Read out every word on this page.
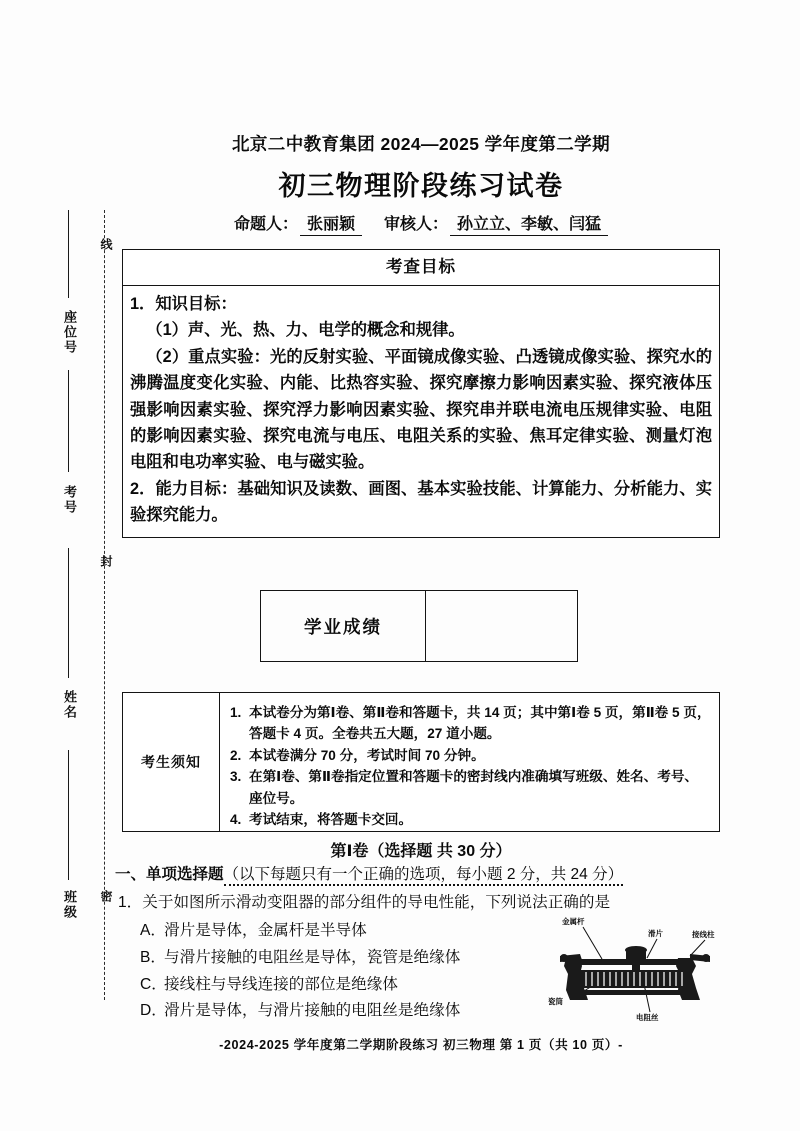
线
封
密
座位号
考号
姓名
班级
北京二中教育集团 2024—2025 学年度第二学期
初三物理阶段练习试卷
命题人： 张丽颖	审核人： 孙立立、李敏、闫猛
考查目标

1．知识目标：

（1）声、光、热、力、电学的概念和规律。

（2）重点实验：光的反射实验、平面镜成像实验、凸透镜成像实验、探究水的沸腾温度变化实验、内能、比热容实验、探究摩擦力影响因素实验、探究液体压强影响因素实验、探究浮力影响因素实验、探究串并联电流电压规律实验、电阻的影响因素实验、探究电流与电压、电阻关系的实验、焦耳定律实验、测量灯泡电阻和电功率实验、电与磁实验。

2．能力目标：基础知识及读数、画图、基本实验技能、计算能力、分析能力、实验探究能力。

学业成绩
考生须知
1. 本试卷分为第Ⅰ卷、第Ⅱ卷和答题卡，共 14 页；其中第Ⅰ卷 5 页，第Ⅱ卷 5 页，答题卡 4 页。全卷共五大题，27 道小题。
2. 本试卷满分 70 分，考试时间 70 分钟。
3. 在第Ⅰ卷、第Ⅱ卷指定位置和答题卡的密封线内准确填写班级、姓名、考号、座位号。
4. 考试结束，将答题卡交回。
第Ⅰ卷（选择题 共 30 分）
一、单项选择题（以下每题只有一个正确的选项，每小题 2 分，共 24 分）
1．关于如图所示滑动变阻器的部分组件的导电性能，下列说法正确的是
A．滑片是导体，金属杆是半导体
B．与滑片接触的电阻丝是导体，瓷管是绝缘体
C．接线柱与导线连接的部位是绝缘体
D．滑片是导体，与滑片接触的电阻丝是绝缘体
金属杆
滑片	接线柱
瓷筒
电阻丝
-2024-2025 学年度第二学期阶段练习 初三物理 第 1 页（共 10 页）-
